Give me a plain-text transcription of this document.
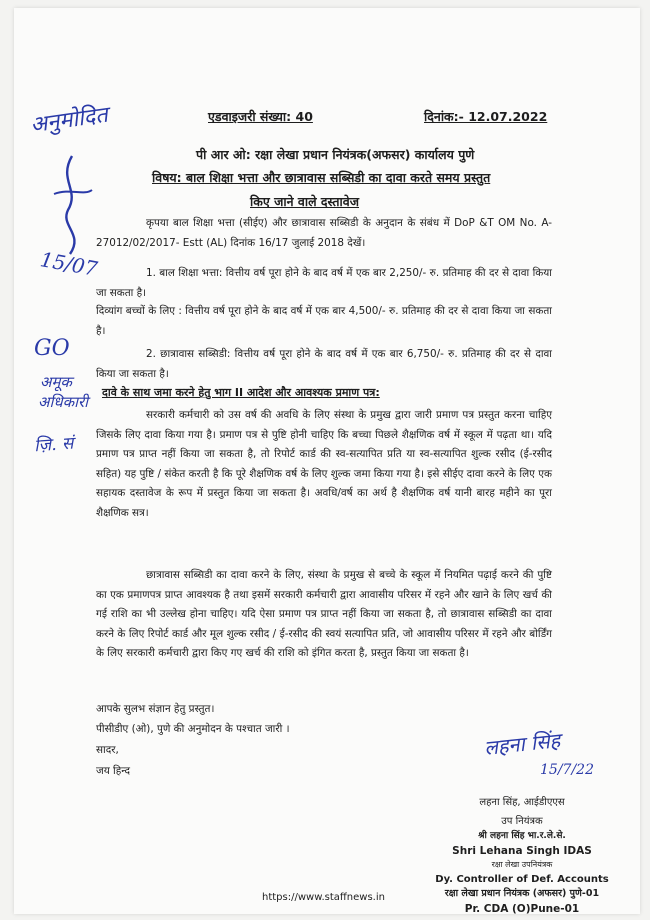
एडवाइजरी संख्या: 40	दिनांक:- 12.07.2022
पी आर ओ: रक्षा लेखा प्रधान नियंत्रक(अफसर) कार्यालय पुणे
विषय: बाल शिक्षा भत्ता और छात्रावास सब्सिडी का दावा करते समय प्रस्तुत
किए जाने वाले दस्तावेज
कृपया बाल शिक्षा भत्ता (सीईए) और छात्रावास सब्सिडी के अनुदान के संबंध में DoP &T OM No. A-27012/02/2017- Estt (AL) दिनांक 16/17 जुलाई 2018 देखें।
1. बाल शिक्षा भत्ता: वित्तीय वर्ष पूरा होने के बाद वर्ष में एक बार 2,250/- रु. प्रतिमाह की दर से दावा किया जा सकता है।
दिव्यांग बच्चों के लिए : वित्तीय वर्ष पूरा होने के बाद वर्ष में एक बार 4,500/- रु. प्रतिमाह की दर से दावा किया जा सकता है।
2. छात्रावास सब्सिडी: वित्तीय वर्ष पूरा होने के बाद वर्ष में एक बार 6,750/- रु. प्रतिमाह की दर से दावा किया जा सकता है।
दावे के साथ जमा करने हेतु भाग II आदेश और आवश्यक प्रमाण पत्र:
सरकारी कर्मचारी को उस वर्ष की अवधि के लिए संस्था के प्रमुख द्वारा जारी प्रमाण पत्र प्रस्तुत करना चाहिए जिसके लिए दावा किया गया है। प्रमाण पत्र से पुष्टि होनी चाहिए कि बच्चा पिछले शैक्षणिक वर्ष में स्कूल में पढ़ता था। यदि प्रमाण पत्र प्राप्त नहीं किया जा सकता है, तो रिपोर्ट कार्ड की स्व-सत्यापित प्रति या स्व-सत्यापित शुल्क रसीद (ई-रसीद सहित) यह पुष्टि / संकेत करती है कि पूरे शैक्षणिक वर्ष के लिए शुल्क जमा किया गया है। इसे सीईए दावा करने के लिए एक सहायक दस्तावेज के रूप में प्रस्तुत किया जा सकता है। अवधि/वर्ष का अर्थ है शैक्षणिक वर्ष यानी बारह महीने का पूरा शैक्षणिक सत्र।
छात्रावास सब्सिडी का दावा करने के लिए, संस्था के प्रमुख से बच्चे के स्कूल में नियमित पढ़ाई करने की पुष्टि का एक प्रमाणपत्र प्राप्त आवश्यक है तथा इसमें सरकारी कर्मचारी द्वारा आवासीय परिसर में रहने और खाने के लिए खर्च की गई राशि का भी उल्लेख होना चाहिए। यदि ऐसा प्रमाण पत्र प्राप्त नहीं किया जा सकता है, तो छात्रावास सब्सिडी का दावा करने के लिए रिपोर्ट कार्ड और मूल शुल्क रसीद / ई-रसीद की स्वयं सत्यापित प्रति, जो आवासीय परिसर में रहने और बोर्डिंग के लिए सरकारी कर्मचारी द्वारा किए गए खर्च की राशि को इंगित करता है, प्रस्तुत किया जा सकता है।
आपके सुलभ संज्ञान हेतु प्रस्तुत।
पीसीडीए (ओ), पुणे की अनुमोदन के पश्चात जारी ।
सादर,
जय हिन्द
लहना सिंह
15/7/22
लहना सिंह, आईडीएएस
उप नियंत्रक
श्री लहना सिंह भा.र.ले.से.
Shri Lehana Singh IDAS
रक्षा लेखा उपनियंत्रक
Dy. Controller of Def. Accounts
रक्षा लेखा प्रधान नियंत्रक (अफसर) पुणे-01
Pr. CDA (O)Pune-01
अनुमोदित
15/07
GO
अमूक
अधिकारी
ज़ि. सं
https://www.staffnews.in
